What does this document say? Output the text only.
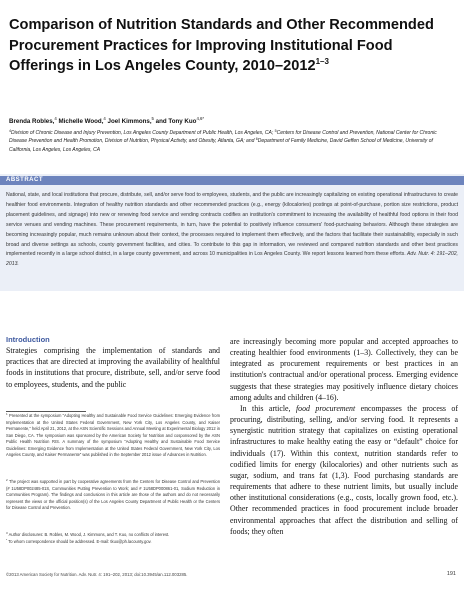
Comparison of Nutrition Standards and Other Recommended Procurement Practices for Improving Institutional Food Offerings in Los Angeles County, 2010–2012$^{1-3}$
Brenda Robles,$^4$ Michelle Wood,$^4$ Joel Kimmons,$^5$ and Tony Kuo$^{4,6*}$
$^4$Division of Chronic Disease and Injury Prevention, Los Angeles County Department of Public Health, Los Angeles, CA; $^5$Centers for Disease Control and Prevention, National Center for Chronic Disease Prevention and Health Promotion, Division of Nutrition, Physical Activity, and Obesity, Atlanta, GA; and $^6$Department of Family Medicine, David Geffen School of Medicine, University of California, Los Angeles, Los Angeles, CA
ABSTRACT
National, state, and local institutions that procure, distribute, sell, and/or serve food to employees, students, and the public are increasingly capitalizing on existing operational infrastructures to create healthier food environments. Integration of healthy nutrition standards and other recommended practices (e.g., energy (kilocalories) postings at point-of-purchase, portion size restrictions, product placement guidelines, and signage) into new or renewing food service and vending contracts codifies an institution's commitment to increasing the availability of healthful food options in their food service venues and vending machines. These procurement requirements, in turn, have the potential to positively influence consumers' food-purchasing behaviors. Although these strategies are becoming increasingly popular, much remains unknown about their context, the processes required to implement them effectively, and the factors that facilitate their sustainability, especially in such broad and diverse settings as schools, county government facilities, and cities. To contribute to this gap in information, we reviewed and compared nutrition standards and other best practices implemented recently in a large school district, in a large county government, and across 10 municipalities in Los Angeles County. We report lessons learned from these efforts. Adv. Nutr. 4: 191–202, 2013.
Introduction
Strategies comprising the implementation of standards and practices that are directed at improving the availability of healthful foods in institutions that procure, distribute, sell, and/or serve food to employees, students, and the public
$^1$ Presented at the symposium “Adopting Healthy and Sustainable Food Service Guidelines: Emerging Evidence from Implementation at the United States Federal Government, New York City, Los Angeles County, and Kaiser Permanente,” held April 21, 2012, at the ASN Scientific Sessions and Annual Meeting at Experimental Biology 2012 in San Diego, CA. The symposium was sponsored by the American Society for Nutrition and cosponsored by the ASN Public Health Nutrition RIS. A summary of the symposium “Adopting Healthy and Sustainable Food Service Guidelines: Emerging Evidence from Implementation at the United States Federal Government, New York City, Los Angeles County, and Kaiser Permanente” was published in the September 2012 issue of Advances in Nutrition.
$^2$ The project was supported in part by cooperative agreements from the Centers for Disease Control and Prevention (# 1U58DP002485-01S, Communities Putting Prevention to Work; and # 1U58DP000861-01, Sodium Reduction in Communities Program). The findings and conclusions in this article are those of the authors and do not necessarily represent the views or the official position(s) of the Los Angeles County Department of Public Health or the Centers for Disease Control and Prevention.
$^3$ Author disclosures: B. Robles, M. Wood, J. Kimmons, and T. Kuo, no conflicts of interest.
* To whom correspondence should be addressed. E-mail: tkuo@ph.lacounty.gov.

are increasingly becoming more popular and accepted approaches to creating healthier food environments (1–3). Collectively, they can be integrated as procurement requirements or best practices in an institution's contractual and/or operational process. Emerging evidence suggests that these strategies may positively influence dietary choices among adults and children (4–16).

In this article, food procurement encompasses the process of procuring, distributing, selling, and/or serving food. It represents a synergistic nutrition strategy that capitalizes on existing operational infrastructures to make healthy eating the easy or “default” choice for individuals (17). Within this context, nutrition standards refer to codified limits for energy (kilocalories) and other nutrients such as sugar, sodium, and trans fat (1,3). Food purchasing standards are requirements that adhere to these nutrient limits, but usually include other institutional considerations (e.g., costs, locally grown food, etc.). Other recommended practices in food procurement include broader environmental approaches that affect the distribution and selling of foods; they often

©2013 American Society for Nutrition. Adv. Nutr. 4: 191–202, 2013; doi:10.3945/an.112.003285.	191
